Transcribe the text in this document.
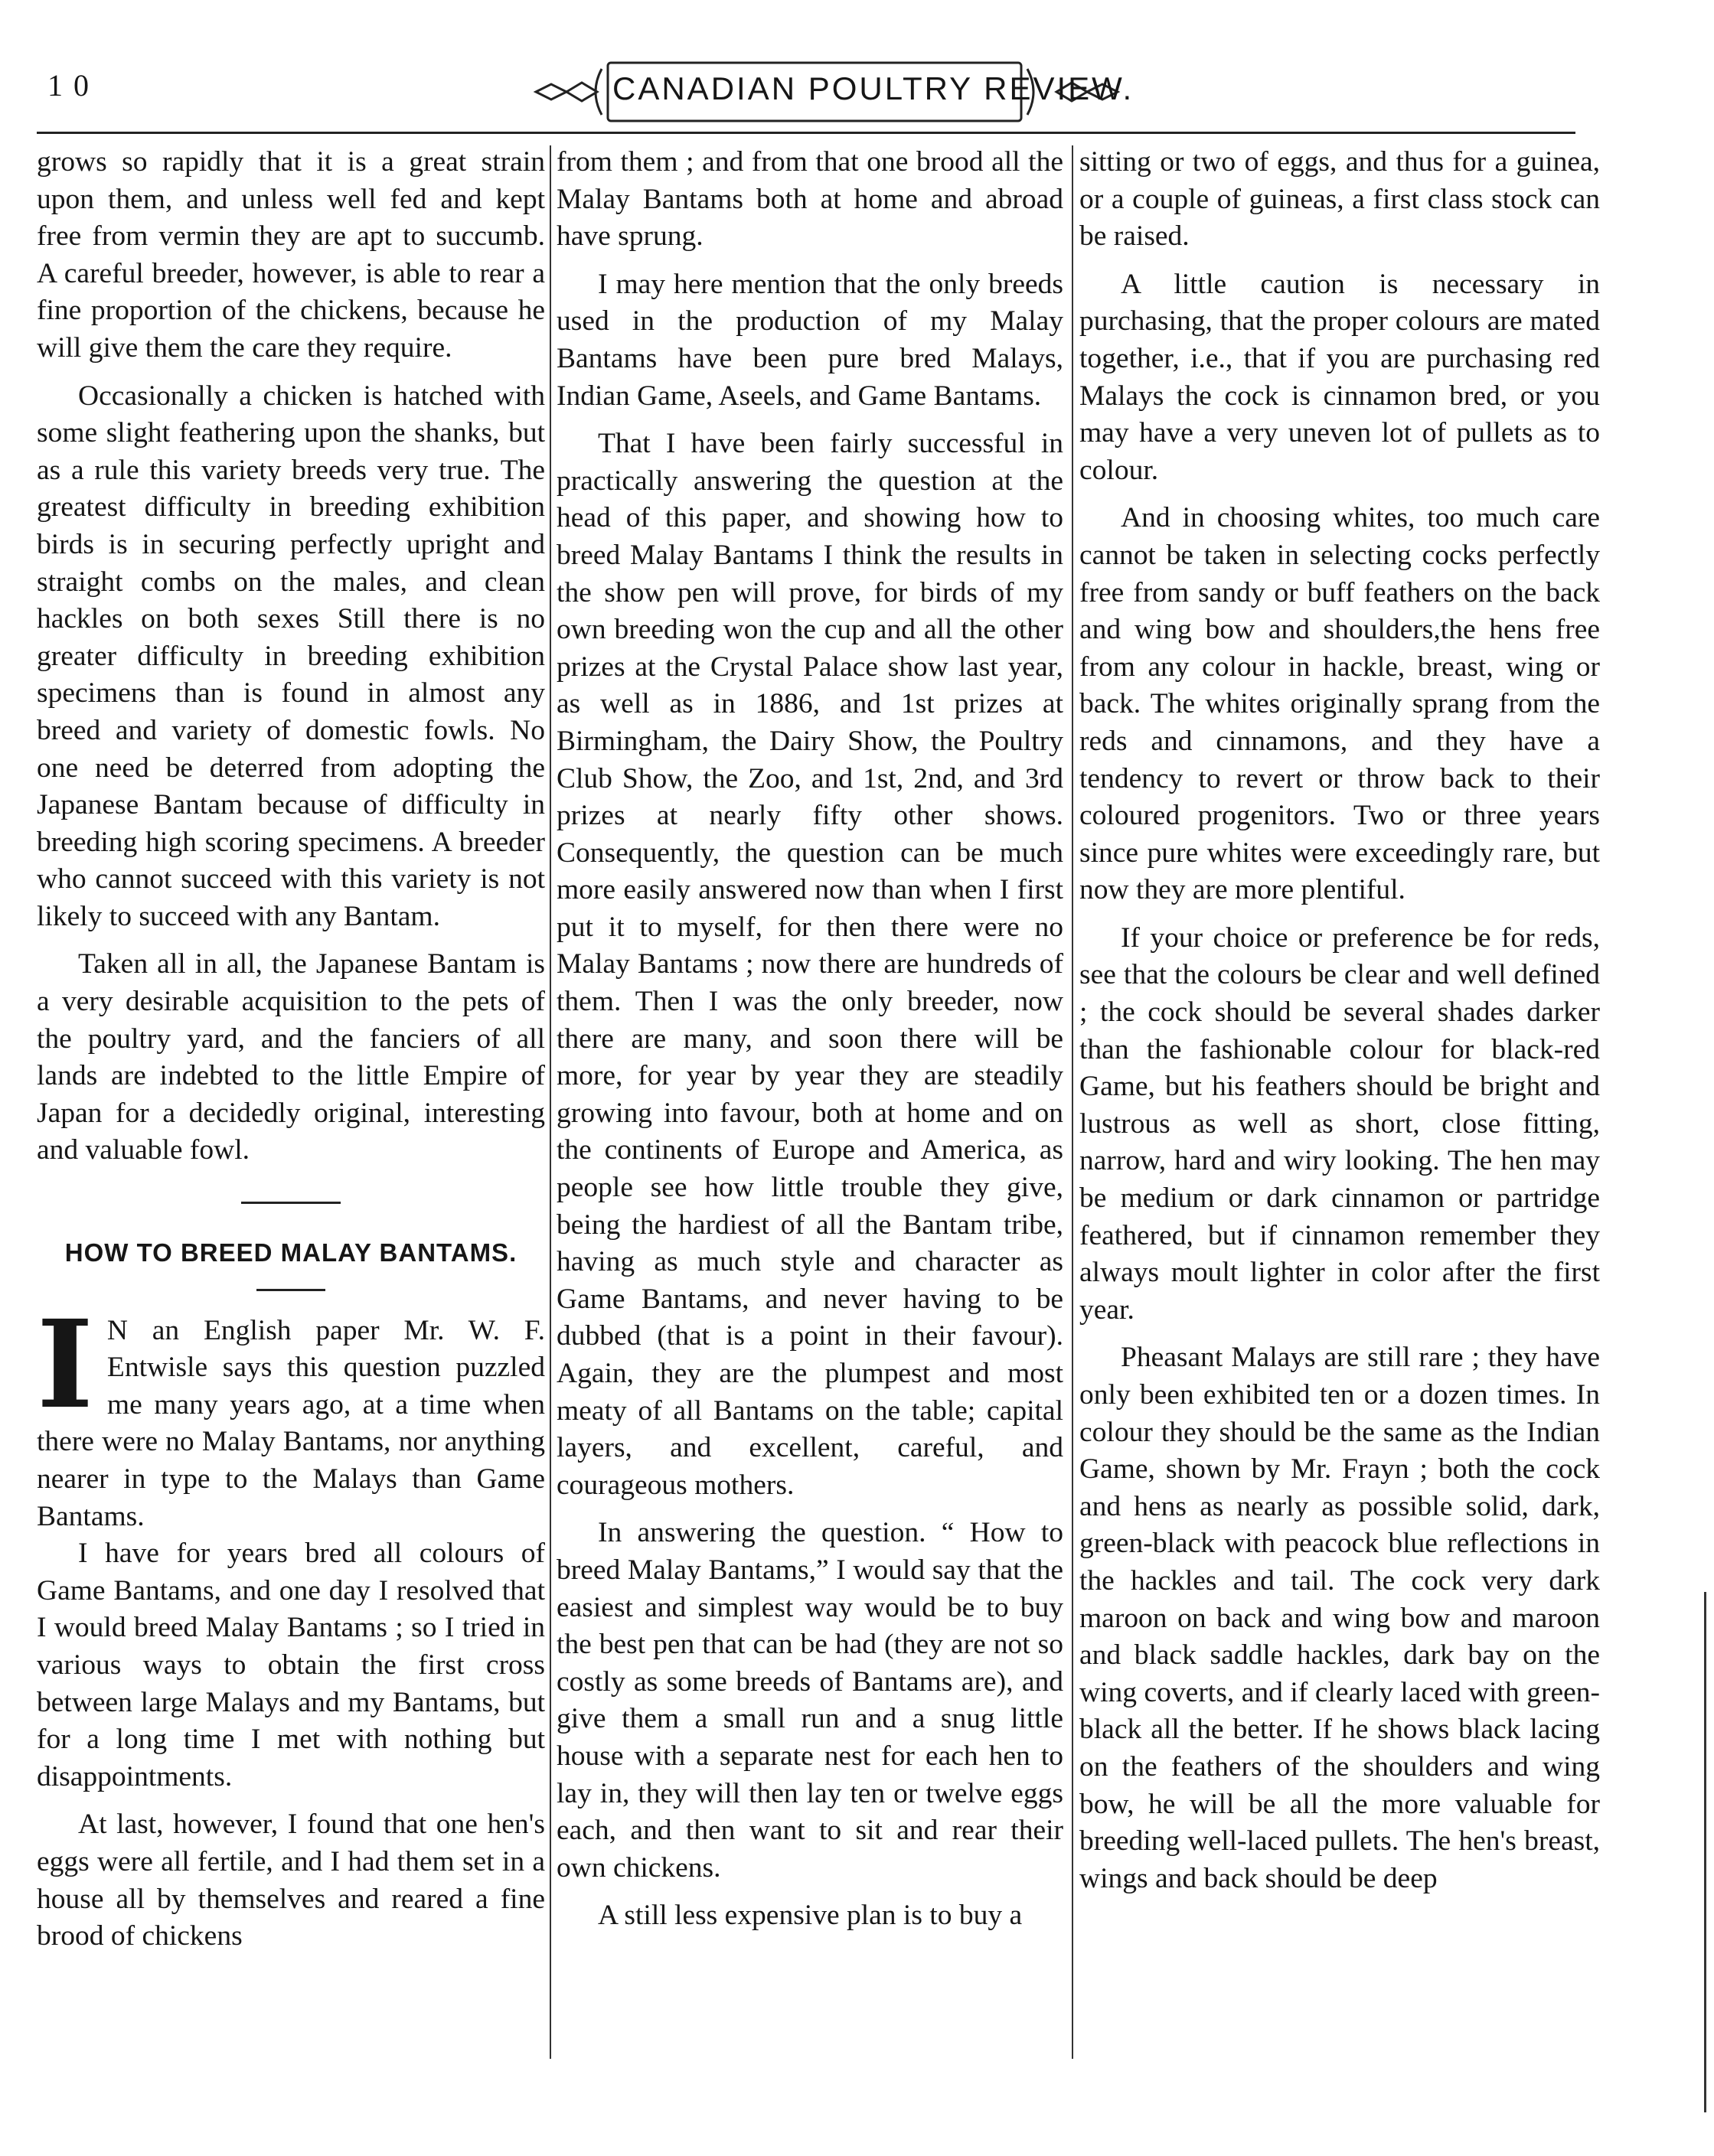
10	CANADIAN POULTRY REVIEW.

grows so rapidly that it is a great strain upon them, and unless well fed and kept free from vermin they are apt to succumb. A careful breeder, however, is able to rear a fine proportion of the chickens, because he will give them the care they require.

Occasionally a chicken is hatched with some slight feathering upon the shanks, but as a rule this variety breeds very true. The greatest difficulty in breeding exhibition birds is in securing perfectly upright and straight combs on the males, and clean hackles on both sexes Still there is no greater difficulty in breeding exhibition specimens than is found in almost any breed and variety of domestic fowls. No one need be deterred from adopting the Japanese Bantam because of difficulty in breeding high scoring specimens. A breeder who cannot succeed with this variety is not likely to succeed with any Bantam.

Taken all in all, the Japanese Bantam is a very desirable acquisition to the pets of the poultry yard, and the fanciers of all lands are indebted to the little Empire of Japan for a decidedly original, interesting and valuable fowl.

HOW TO BREED MALAY BANTAMS.
I N an English paper Mr. W. F. Entwisle says this question puzzled me many years ago, at a time when there were no Malay Bantams, nor anything nearer in type to the Malays than Game Bantams.

I have for years bred all colours of Game Bantams, and one day I resolved that I would breed Malay Bantams ; so I tried in various ways to obtain the first cross between large Malays and my Bantams, but for a long time I met with nothing but disappointments.

At last, however, I found that one hen's eggs were all fertile, and I had them set in a house all by themselves and reared a fine brood of chickens

from them ; and from that one brood all the Malay Bantams both at home and abroad have sprung.

I may here mention that the only breeds used in the production of my Malay Bantams have been pure bred Malays, Indian Game, Aseels, and Game Bantams.

That I have been fairly successful in practically answering the question at the head of this paper, and showing how to breed Malay Bantams I think the results in the show pen will prove, for birds of my own breeding won the cup and all the other prizes at the Crystal Palace show last year, as well as in 1886, and 1st prizes at Birmingham, the Dairy Show, the Poultry Club Show, the Zoo, and 1st, 2nd, and 3rd prizes at nearly fifty other shows. Consequently, the question can be much more easily answered now than when I first put it to myself, for then there were no Malay Bantams ; now there are hundreds of them. Then I was the only breeder, now there are many, and soon there will be more, for year by year they are steadily growing into favour, both at home and on the continents of Europe and America, as people see how little trouble they give, being the hardiest of all the Bantam tribe, having as much style and character as Game Bantams, and never having to be dubbed (that is a point in their favour). Again, they are the plumpest and most meaty of all Bantams on the table; capital layers, and excellent, careful, and courageous mothers.

In answering the question. “ How to breed Malay Bantams,” I would say that the easiest and simplest way would be to buy the best pen that can be had (they are not so costly as some breeds of Bantams are), and give them a small run and a snug little house with a separate nest for each hen to lay in, they will then lay ten or twelve eggs each, and then want to sit and rear their own chickens.

A still less expensive plan is to buy a

sitting or two of eggs, and thus for a guinea, or a couple of guineas, a first class stock can be raised.

A little caution is necessary in purchasing, that the proper colours are mated together, i.e., that if you are purchasing red Malays the cock is cinnamon bred, or you may have a very uneven lot of pullets as to colour.

And in choosing whites, too much care cannot be taken in selecting cocks perfectly free from sandy or buff feathers on the back and wing bow and shoulders,the hens free from any colour in hackle, breast, wing or back. The whites originally sprang from the reds and cinnamons, and they have a tendency to revert or throw back to their coloured progenitors. Two or three years since pure whites were exceedingly rare, but now they are more plentiful.

If your choice or preference be for reds, see that the colours be clear and well defined ; the cock should be several shades darker than the fashionable colour for black-red Game, but his feathers should be bright and lustrous as well as short, close fitting, narrow, hard and wiry looking. The hen may be medium or dark cinnamon or partridge feathered, but if cinnamon remember they always moult lighter in color after the first year.

Pheasant Malays are still rare ; they have only been exhibited ten or a dozen times. In colour they should be the same as the Indian Game, shown by Mr. Frayn ; both the cock and hens as nearly as possible solid, dark, green-black with peacock blue reflections in the hackles and tail. The cock very dark maroon on back and wing bow and maroon and black saddle hackles, dark bay on the wing coverts, and if clearly laced with green-black all the better. If he shows black lacing on the feathers of the shoulders and wing bow, he will be all the more valuable for breeding well-laced pullets. The hen's breast, wings and back should be deep
